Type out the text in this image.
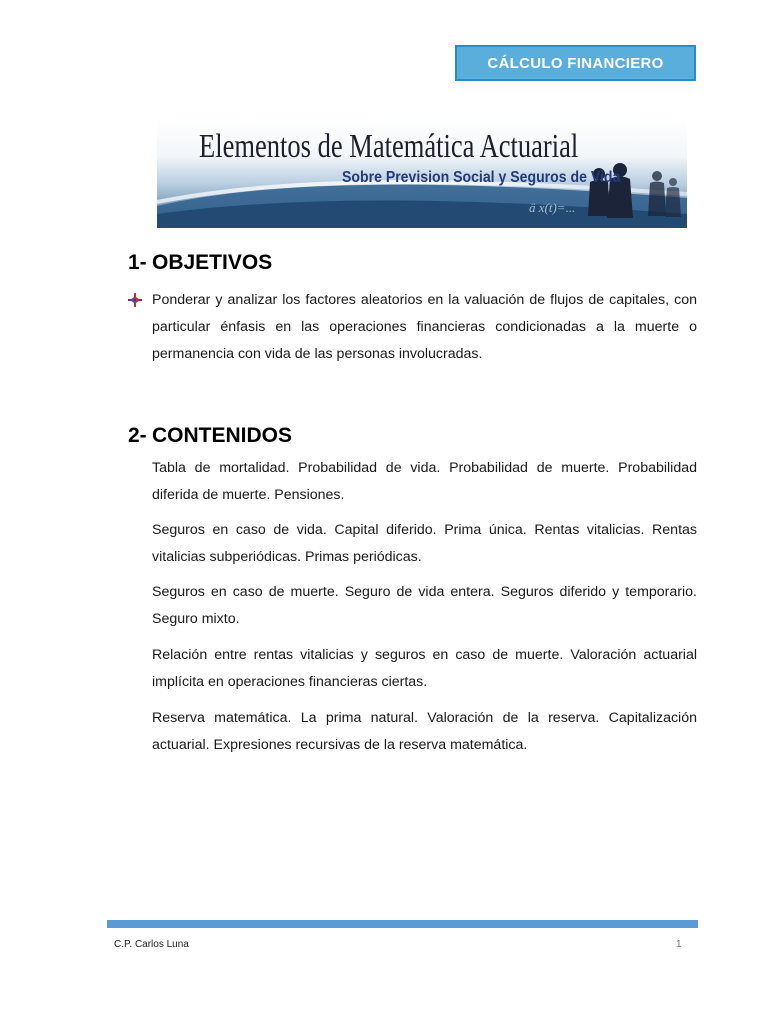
CÁLCULO FINANCIERO
ä x(t)=...
Elementos de Matemática Actuarial
Sobre Prevision Social y Seguros de Vida
1- OBJETIVOS

Ponderar y analizar los factores aleatorios en la valuación de flujos de capitales, con particular énfasis en las operaciones financieras condicionadas a la muerte o permanencia con vida de las personas involucradas.

2- CONTENIDOS

Tabla de mortalidad. Probabilidad de vida. Probabilidad de muerte. Probabilidad diferida de muerte. Pensiones.

Seguros en caso de vida. Capital diferido. Prima única. Rentas vitalicias. Rentas vitalicias subperiódicas. Primas periódicas.

Seguros en caso de muerte. Seguro de vida entera. Seguros diferido y temporario. Seguro mixto.

Relación entre rentas vitalicias y seguros en caso de muerte. Valoración actuarial implícita en operaciones financieras ciertas.

Reserva matemática. La prima natural. Valoración de la reserva. Capitalización actuarial. Expresiones recursivas de la reserva matemática.

C.P. Carlos Luna	1
